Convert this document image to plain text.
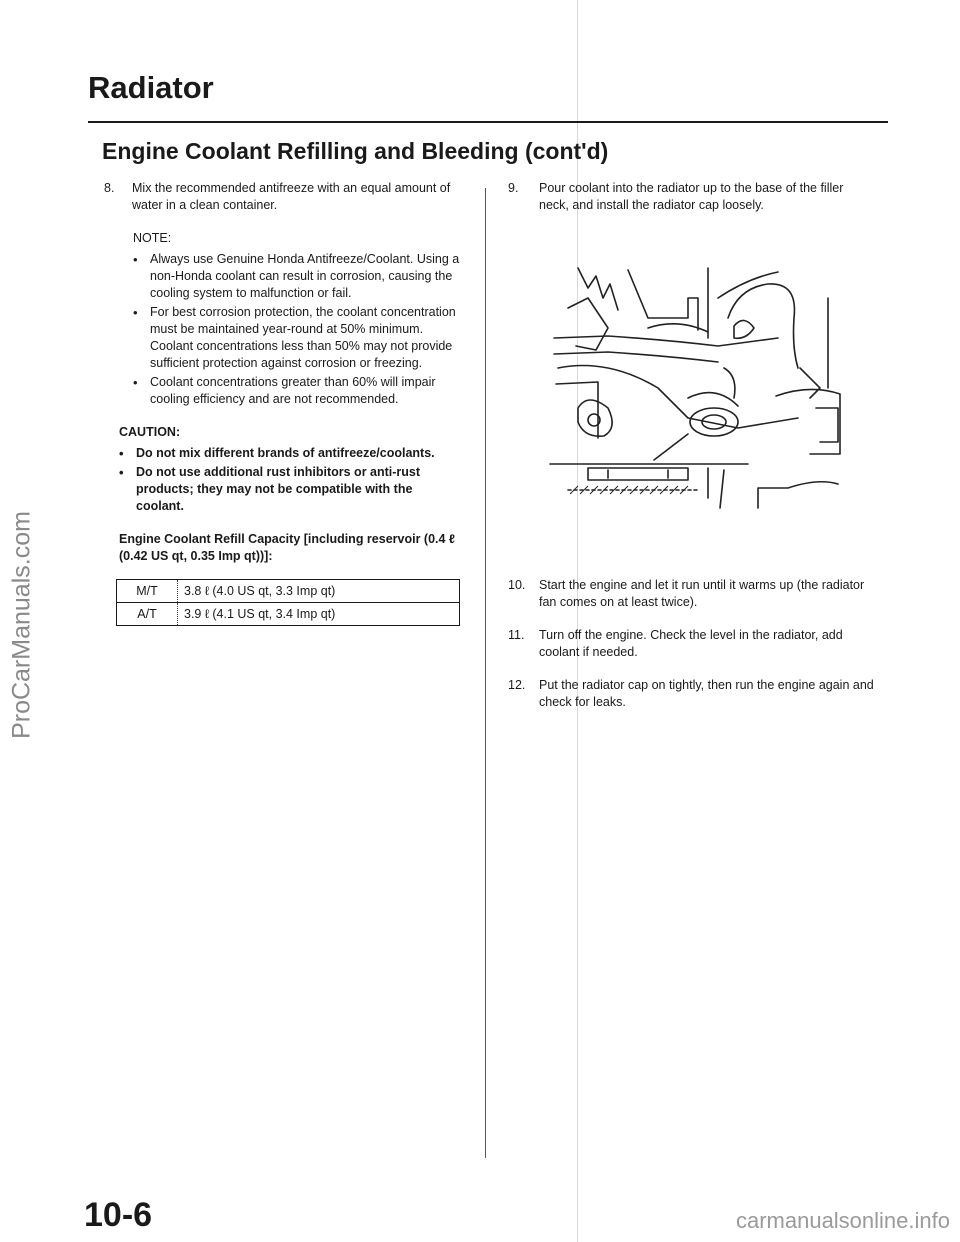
ProCarManuals.com
Radiator
Engine Coolant Refilling and Bleeding (cont'd)
8.	Mix the recommended antifreeze with an equal amount of water in a clean container.
NOTE:
• Always use Genuine Honda Antifreeze/Coolant. Using a non-Honda coolant can result in corrosion, causing the cooling system to malfunction or fail.
• For best corrosion protection, the coolant concentration must be maintained year-round at 50% minimum. Coolant concentrations less than 50% may not provide sufficient protection against corrosion or freezing.
• Coolant concentrations greater than 60% will impair cooling efficiency and are not recommended.
CAUTION:
• Do not mix different brands of antifreeze/coolants.
• Do not use additional rust inhibitors or anti-rust products; they may not be compatible with the coolant.
Engine Coolant Refill Capacity [including reservoir (0.4 ℓ (0.42 US qt, 0.35 Imp qt))]:
M/T	3.8 ℓ (4.0 US qt, 3.3 Imp qt)
A/T	3.9 ℓ (4.1 US qt, 3.4 Imp qt)
9.	Pour coolant into the radiator up to the base of the filler neck, and install the radiator cap loosely.
10.	Start the engine and let it run until it warms up (the radiator fan comes on at least twice).
11.	Turn off the engine. Check the level in the radiator, add coolant if needed.
12.	Put the radiator cap on tightly, then run the engine again and check for leaks.
10-6	carmanualsonline.info
